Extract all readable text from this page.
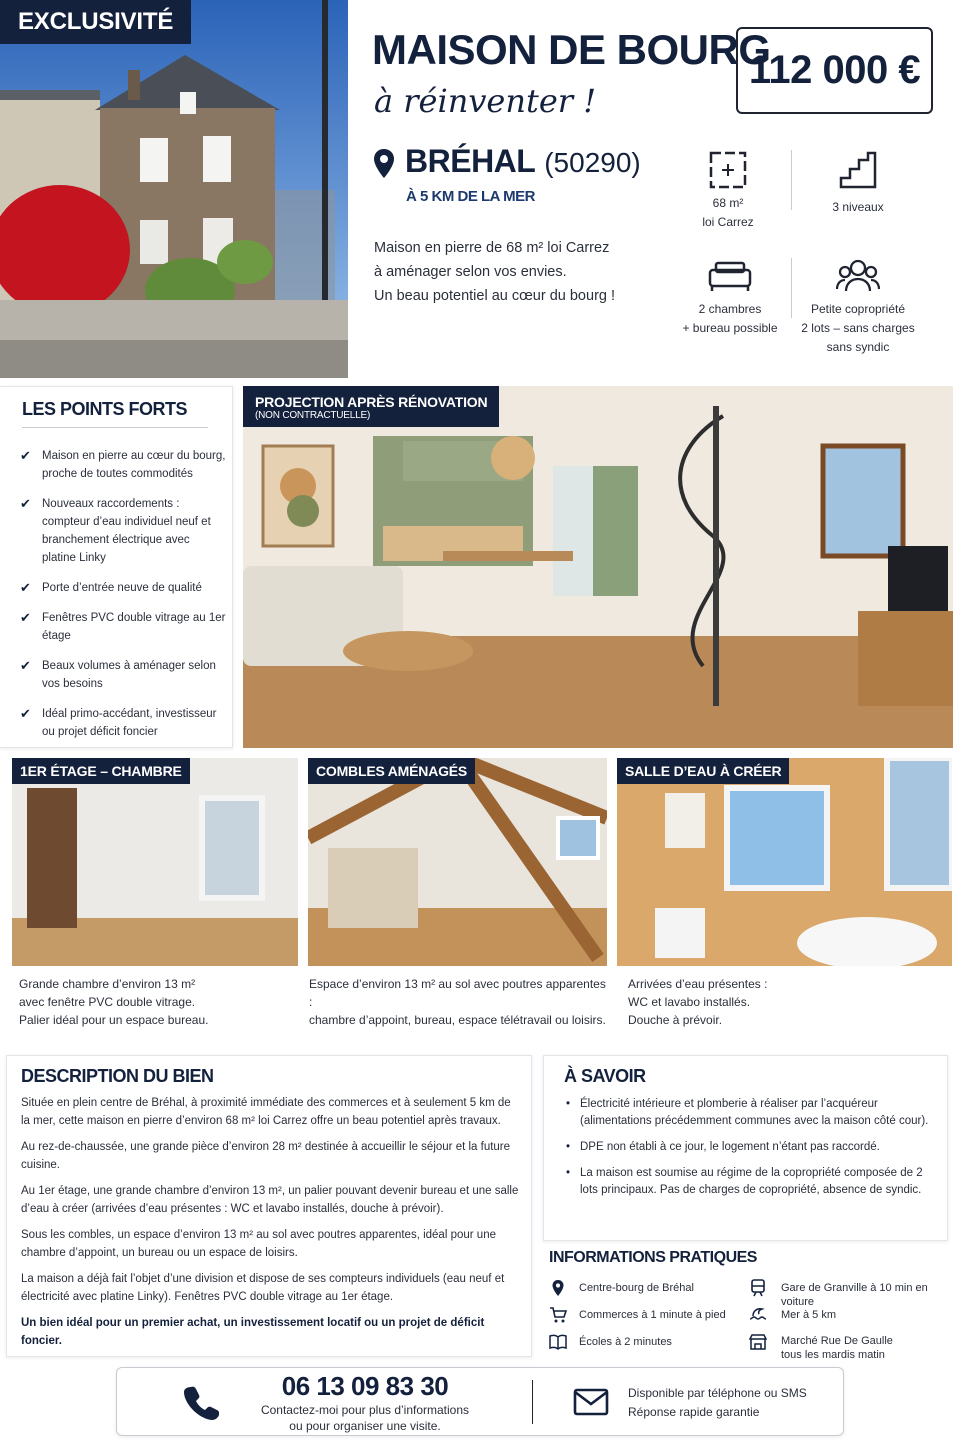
EXCLUSIVITÉ
MAISON DE BOURG
à réinventer !
112 000 €
BRÉHAL (50290)
À 5 KM DE LA MER
Maison en pierre de 68 m² loi Carrez
à aménager selon vos envies.
Un beau potentiel au cœur du bourg !
68 m²
loi Carrez
3 niveaux
2 chambres
+ bureau possible
Petite copropriété
2 lots – sans charges
sans syndic
LES POINTS FORTS
✔ Maison en pierre au cœur du bourg, proche de toutes commodités
✔ Nouveaux raccordements : compteur d’eau individuel neuf et branchement électrique avec platine Linky
✔ Porte d’entrée neuve de qualité
✔ Fenêtres PVC double vitrage au 1er étage
✔ Beaux volumes à aménager selon vos besoins
✔ Idéal primo-accédant, investisseur ou projet déficit foncier
PROJECTION APRÈS RÉNOVATION
(NON CONTRACTUELLE)
1ER ÉTAGE – CHAMBRE	COMBLES AMÉNAGÉS	SALLE D’EAU À CRÉER
Grande chambre d’environ 13 m²
avec fenêtre PVC double vitrage.
Palier idéal pour un espace bureau.
Espace d’environ 13 m² au sol avec poutres apparentes :
chambre d’appoint, bureau, espace télétravail ou loisirs.
Arrivées d’eau présentes :
WC et lavabo installés.
Douche à prévoir.
DESCRIPTION DU BIEN

Située en plein centre de Bréhal, à proximité immédiate des commerces et à seulement 5 km de la mer, cette maison en pierre d’environ 68 m² loi Carrez offre un beau potentiel après travaux.

Au rez-de-chaussée, une grande pièce d’environ 28 m² destinée à accueillir le séjour et la future cuisine.

Au 1er étage, une grande chambre d’environ 13 m², un palier pouvant devenir bureau et une salle d’eau à créer (arrivées d’eau présentes : WC et lavabo installés, douche à prévoir).

Sous les combles, un espace d’environ 13 m² au sol avec poutres apparentes, idéal pour une chambre d’appoint, un bureau ou un espace de loisirs.

La maison a déjà fait l’objet d’une division et dispose de ses compteurs individuels (eau neuf et électricité avec platine Linky). Fenêtres PVC double vitrage au 1er étage.

Un bien idéal pour un premier achat, un investissement locatif ou un projet de déficit foncier.

À SAVOIR
• Électricité intérieure et plomberie à réaliser par l’acquéreur (alimentations précédemment communes avec la maison côté cour).
• DPE non établi à ce jour, le logement n’étant pas raccordé.
• La maison est soumise au régime de la copropriété composée de 2 lots principaux. Pas de charges de copropriété, absence de syndic.
INFORMATIONS PRATIQUES
Centre-bourg de Bréhal
Commerces à 1 minute à pied
Écoles à 2 minutes
Gare de Granville à 10 min en voiture
Mer à 5 km
Marché Rue De Gaulle
tous les mardis matin
06 13 09 83 30
Contactez-moi pour plus d’informations
ou pour organiser une visite.
Disponible par téléphone ou SMS
Réponse rapide garantie
